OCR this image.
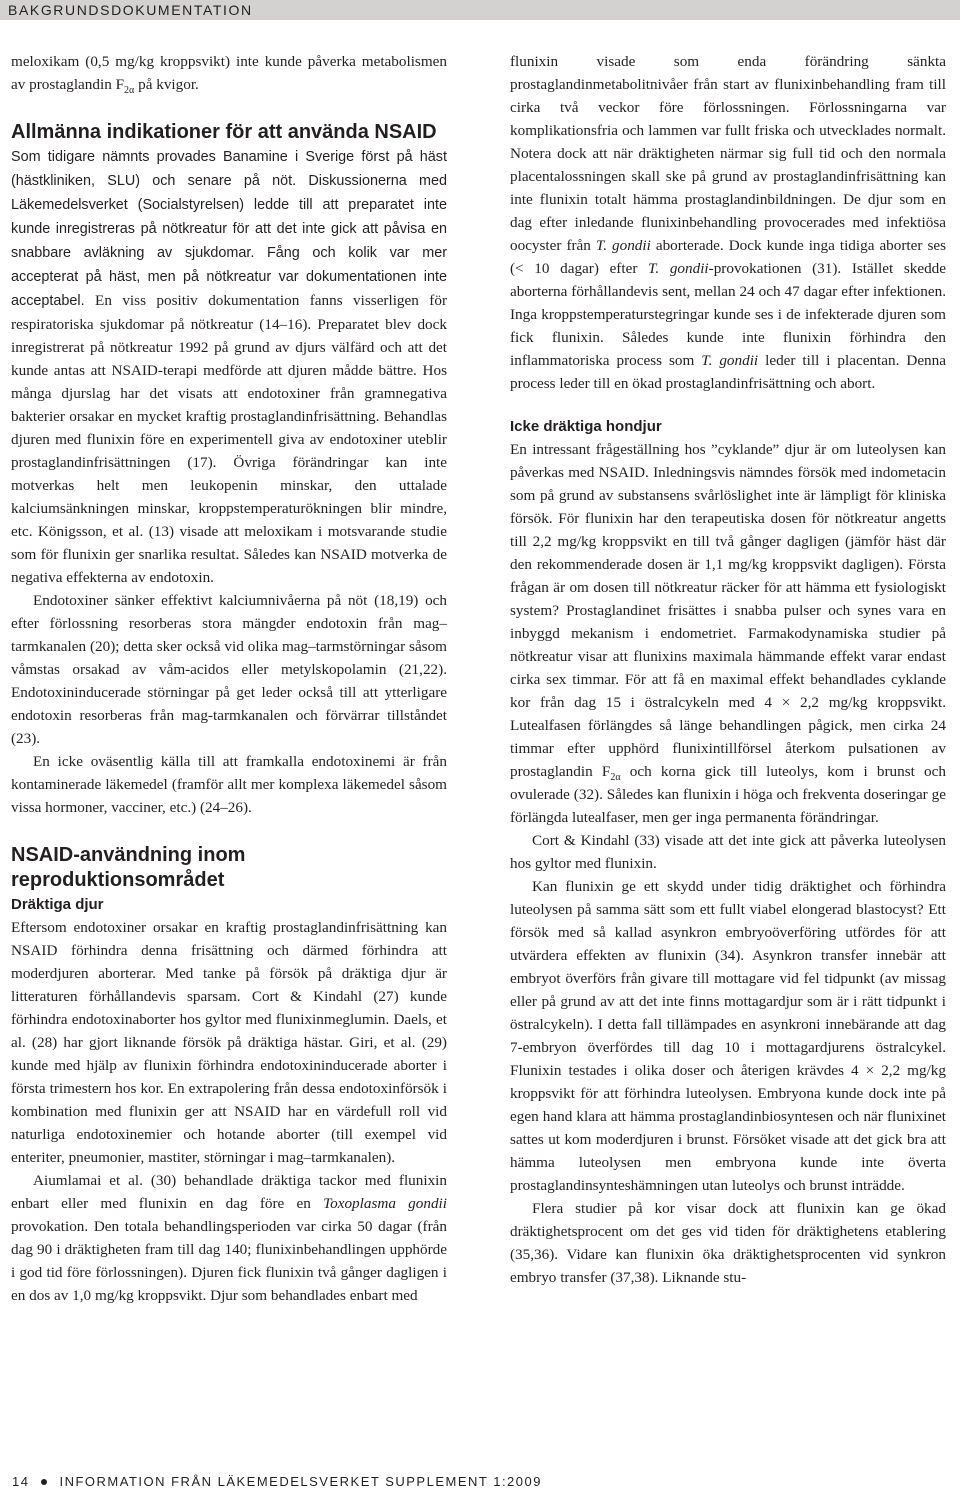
BAKGRUNDSDOKUMENTATION

meloxikam (0,5 mg/kg kroppsvikt) inte kunde påverka metabolismen av prostaglandin $F_{2\alpha}$ på kvigor.

Allmänna indikationer för att använda NSAID

Som tidigare nämnts provades Banamine i Sverige först på häst (hästkliniken, SLU) och senare på nöt. Diskussionerna med Läkemedelsverket (Socialstyrelsen) ledde till att preparatet inte kunde inregistreras på nötkreatur för att det inte gick att påvisa en snabbare avläkning av sjukdomar. Fång och kolik var mer accepterat på häst, men på nötkreatur var dokumentationen inte acceptabel. En viss positiv dokumentation fanns visserligen för respiratoriska sjukdomar på nötkreatur (14–16). Preparatet blev dock inregistrerat på nötkreatur 1992 på grund av djurs välfärd och att det kunde antas att NSAID-terapi medförde att djuren mådde bättre. Hos många djurslag har det visats att endotoxiner från gramnegativa bakterier orsakar en mycket kraftig prostaglandinfrisättning. Behandlas djuren med flunixin före en experimentell giva av endotoxiner uteblir prostaglandinfrisättningen (17). Övriga förändringar kan inte motverkas helt men leukopenin minskar, den uttalade kalciumsänkningen minskar, kroppstemperaturökningen blir mindre, etc. Königsson, et al. (13) visade att meloxikam i motsvarande studie som för flunixin ger snarlika resultat. Således kan NSAID motverka de negativa effekterna av endotoxin.

Endotoxiner sänker effektivt kalciumnivåerna på nöt (18,19) och efter förlossning resorberas stora mängder endotoxin från mag–tarmkanalen (20); detta sker också vid olika mag–tarmstörningar såsom våmstas orsakad av våm-acidos eller metylskopolamin (21,22). Endotoxininducerade störningar på get leder också till att ytterligare endotoxin resorberas från mag-tarmkanalen och förvärrar tillståndet (23).

En icke oväsentlig källa till att framkalla endotoxinemi är från kontaminerade läkemedel (framför allt mer komplexa läkemedel såsom vissa hormoner, vacciner, etc.) (24–26).

NSAID-användning inom reproduktionsområdet
Dräktiga djur

Eftersom endotoxiner orsakar en kraftig prostaglandinfrisättning kan NSAID förhindra denna frisättning och därmed förhindra att moderdjuren aborterar. Med tanke på försök på dräktiga djur är litteraturen förhållandevis sparsam. Cort & Kindahl (27) kunde förhindra endotoxinaborter hos gyltor med flunixinmeglumin. Daels, et al. (28) har gjort liknande försök på dräktiga hästar. Giri, et al. (29) kunde med hjälp av flunixin förhindra endotoxininducerade aborter i första trimestern hos kor. En extrapolering från dessa endotoxinförsök i kombination med flunixin ger att NSAID har en värdefull roll vid naturliga endotoxinemier och hotande aborter (till exempel vid enteriter, pneumonier, mastiter, störningar i mag–tarmkanalen).

Aiumlamai et al. (30) behandlade dräktiga tackor med flunixin enbart eller med flunixin en dag före en Toxoplasma gondii provokation. Den totala behandlingsperioden var cirka 50 dagar (från dag 90 i dräktigheten fram till dag 140; flunixinbehandlingen upphörde i god tid före förlossningen). Djuren fick flunixin två gånger dagligen i en dos av 1,0 mg/kg kroppsvikt. Djur som behandlades enbart med

flunixin visade som enda förändring sänkta prostaglandinmetabolitnivåer från start av flunixinbehandling fram till cirka två veckor före förlossningen. Förlossningarna var komplikationsfria och lammen var fullt friska och utvecklades normalt. Notera dock att när dräktigheten närmar sig full tid och den normala placentalossningen skall ske på grund av prostaglandinfrisättning kan inte flunixin totalt hämma prostaglandinbildningen. De djur som en dag efter inledande flunixinbehandling provocerades med infektiösa oocyster från T. gondii aborterade. Dock kunde inga tidiga aborter ses (< 10 dagar) efter T. gondii-provokationen (31). Istället skedde aborterna förhållandevis sent, mellan 24 och 47 dagar efter infektionen. Inga kroppstemperaturstegringar kunde ses i de infekterade djuren som fick flunixin. Således kunde inte flunixin förhindra den inflammatoriska process som T. gondii leder till i placentan. Denna process leder till en ökad prostaglandinfrisättning och abort.

Icke dräktiga hondjur

En intressant frågeställning hos ”cyklande” djur är om luteolysen kan påverkas med NSAID. Inledningsvis nämndes försök med indometacin som på grund av substansens svårlöslighet inte är lämpligt för kliniska försök. För flunixin har den terapeutiska dosen för nötkreatur angetts till 2,2 mg/kg kroppsvikt en till två gånger dagligen (jämför häst där den rekommenderade dosen är 1,1 mg/kg kroppsvikt dagligen). Första frågan är om dosen till nötkreatur räcker för att hämma ett fysiologiskt system? Prostaglandinet frisättes i snabba pulser och synes vara en inbyggd mekanism i endometriet. Farmakodynamiska studier på nötkreatur visar att flunixins maximala hämmande effekt varar endast cirka sex timmar. För att få en maximal effekt behandlades cyklande kor från dag 15 i östralcykeln med 4 × 2,2 mg/kg kroppsvikt. Lutealfasen förlängdes så länge behandlingen pågick, men cirka 24 timmar efter upphörd flunixintillförsel återkom pulsationen av prostaglandin $F_{2\alpha}$ och korna gick till luteolys, kom i brunst och ovulerade (32). Således kan flunixin i höga och frekventa doseringar ge förlängda lutealfaser, men ger inga permanenta förändringar.

Cort & Kindahl (33) visade att det inte gick att påverka luteolysen hos gyltor med flunixin.

Kan flunixin ge ett skydd under tidig dräktighet och förhindra luteolysen på samma sätt som ett fullt viabel elongerad blastocyst? Ett försök med så kallad asynkron embryoöverföring utfördes för att utvärdera effekten av flunixin (34). Asynkron transfer innebär att embryot överförs från givare till mottagare vid fel tidpunkt (av missag eller på grund av att det inte finns mottagardjur som är i rätt tidpunkt i östralcykeln). I detta fall tillämpades en asynkroni innebärande att dag 7-embryon överfördes till dag 10 i mottagardjurens östralcykel. Flunixin testades i olika doser och återigen krävdes 4 × 2,2 mg/kg kroppsvikt för att förhindra luteolysen. Embryona kunde dock inte på egen hand klara att hämma prostaglandinbiosyntesen och när flunixinet sattes ut kom moderdjuren i brunst. Försöket visade att det gick bra att hämma luteolysen men embryona kunde inte överta prostaglandinsynteshämningen utan luteolys och brunst inträdde.

Flera studier på kor visar dock att flunixin kan ge ökad dräktighetsprocent om det ges vid tiden för dräktighetens etablering (35,36). Vidare kan flunixin öka dräktighetsprocenten vid synkron embryo transfer (37,38). Liknande stu-

14 INFORMATION FRÅN LÄKEMEDELSVERKET SUPPLEMENT 1:2009
